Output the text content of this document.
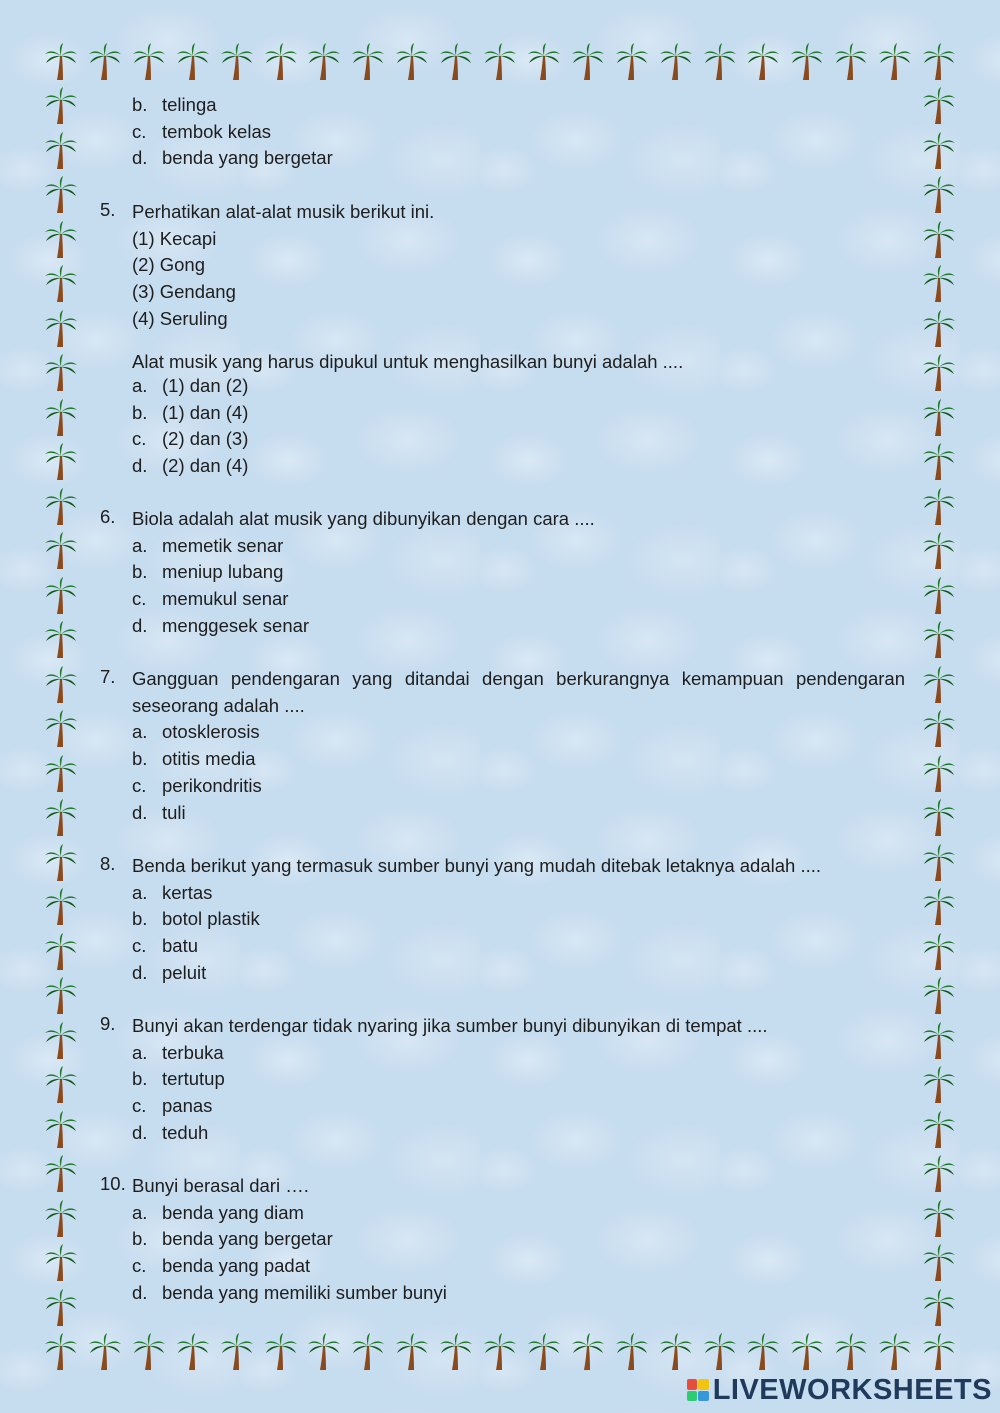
b. telinga
c. tembok kelas
d. benda yang bergetar
5. Perhatikan alat-alat musik berikut ini.
(1) Kecapi
(2) Gong
(3) Gendang
(4) Seruling
Alat musik yang harus dipukul untuk menghasilkan bunyi adalah ....
a. (1) dan (2)
b. (1) dan (4)
c. (2) dan (3)
d. (2) dan (4)
6. Biola adalah alat musik yang dibunyikan dengan cara ....
a. memetik senar
b. meniup lubang
c. memukul senar
d. menggesek senar
7. Gangguan pendengaran yang ditandai dengan berkurangnya kemampuan pendengaran seseorang adalah ....
a. otosklerosis
b. otitis media
c. perikondritis
d. tuli
8. Benda berikut yang termasuk sumber bunyi yang mudah ditebak letaknya adalah ....
a. kertas
b. botol plastik
c. batu
d. peluit
9. Bunyi akan terdengar tidak nyaring jika sumber bunyi dibunyikan di tempat ....
a. terbuka
b. tertutup
c. panas
d. teduh
10. Bunyi berasal dari ….
a. benda yang diam
b. benda yang bergetar
c. benda yang padat
d. benda yang memiliki sumber bunyi
LIVEWORKSHEETS
